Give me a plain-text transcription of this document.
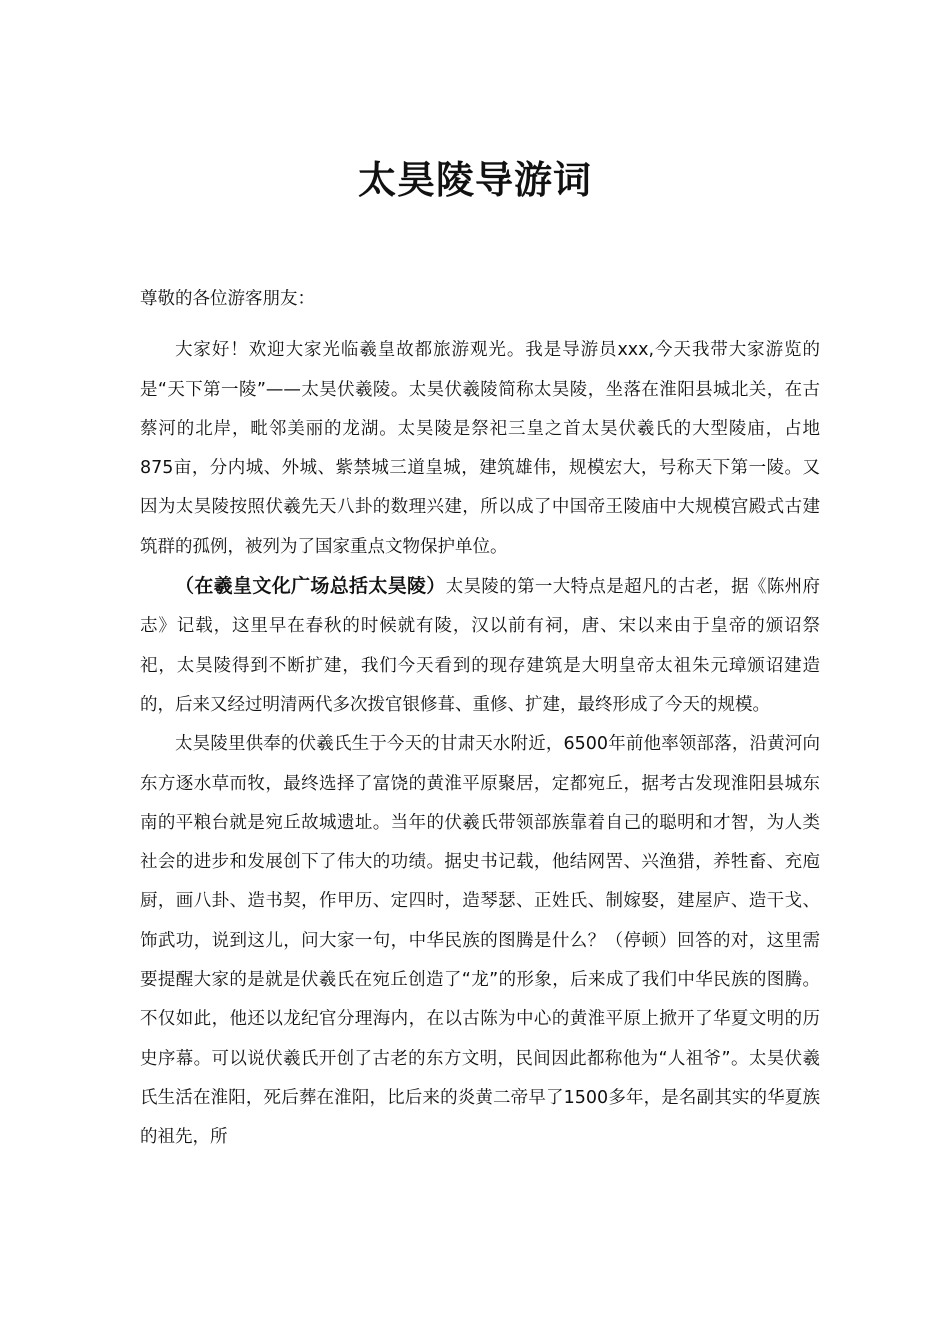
太昊陵导游词

尊敬的各位游客朋友：

大家好！欢迎大家光临羲皇故都旅游观光。我是导游员xxx,今天我带大家游览的是“天下第一陵”——太昊伏羲陵。太昊伏羲陵简称太昊陵，坐落在淮阳县城北关，在古蔡河的北岸，毗邻美丽的龙湖。太昊陵是祭祀三皇之首太昊伏羲氏的大型陵庙，占地875亩，分内城、外城、紫禁城三道皇城，建筑雄伟，规模宏大，号称天下第一陵。又因为太昊陵按照伏羲先天八卦的数理兴建，所以成了中国帝王陵庙中大规模宫殿式古建筑群的孤例，被列为了国家重点文物保护单位。

（在羲皇文化广场总括太昊陵）太昊陵的第一大特点是超凡的古老，据《陈州府志》记载，这里早在春秋的时候就有陵，汉以前有祠，唐、宋以来由于皇帝的颁诏祭祀，太昊陵得到不断扩建，我们今天看到的现存建筑是大明皇帝太祖朱元璋颁诏建造的，后来又经过明清两代多次拨官银修葺、重修、扩建，最终形成了今天的规模。

太昊陵里供奉的伏羲氏生于今天的甘肃天水附近，6500年前他率领部落，沿黄河向东方逐水草而牧，最终选择了富饶的黄淮平原聚居，定都宛丘，据考古发现淮阳县城东南的平粮台就是宛丘故城遗址。当年的伏羲氏带领部族靠着自己的聪明和才智，为人类社会的进步和发展创下了伟大的功绩。据史书记载，他结网罟、兴渔猎，养牲畜、充庖厨，画八卦、造书契，作甲历、定四时，造琴瑟、正姓氏、制嫁娶，建屋庐、造干戈、饰武功，说到这儿，问大家一句，中华民族的图腾是什么？（停顿）回答的对，这里需要提醒大家的是就是伏羲氏在宛丘创造了“龙”的形象，后来成了我们中华民族的图腾。不仅如此，他还以龙纪官分理海内，在以古陈为中心的黄淮平原上掀开了华夏文明的历史序幕。可以说伏羲氏开创了古老的东方文明，民间因此都称他为“人祖爷”。太昊伏羲氏生活在淮阳，死后葬在淮阳，比后来的炎黄二帝早了1500多年，是名副其实的华夏族的祖先，所
